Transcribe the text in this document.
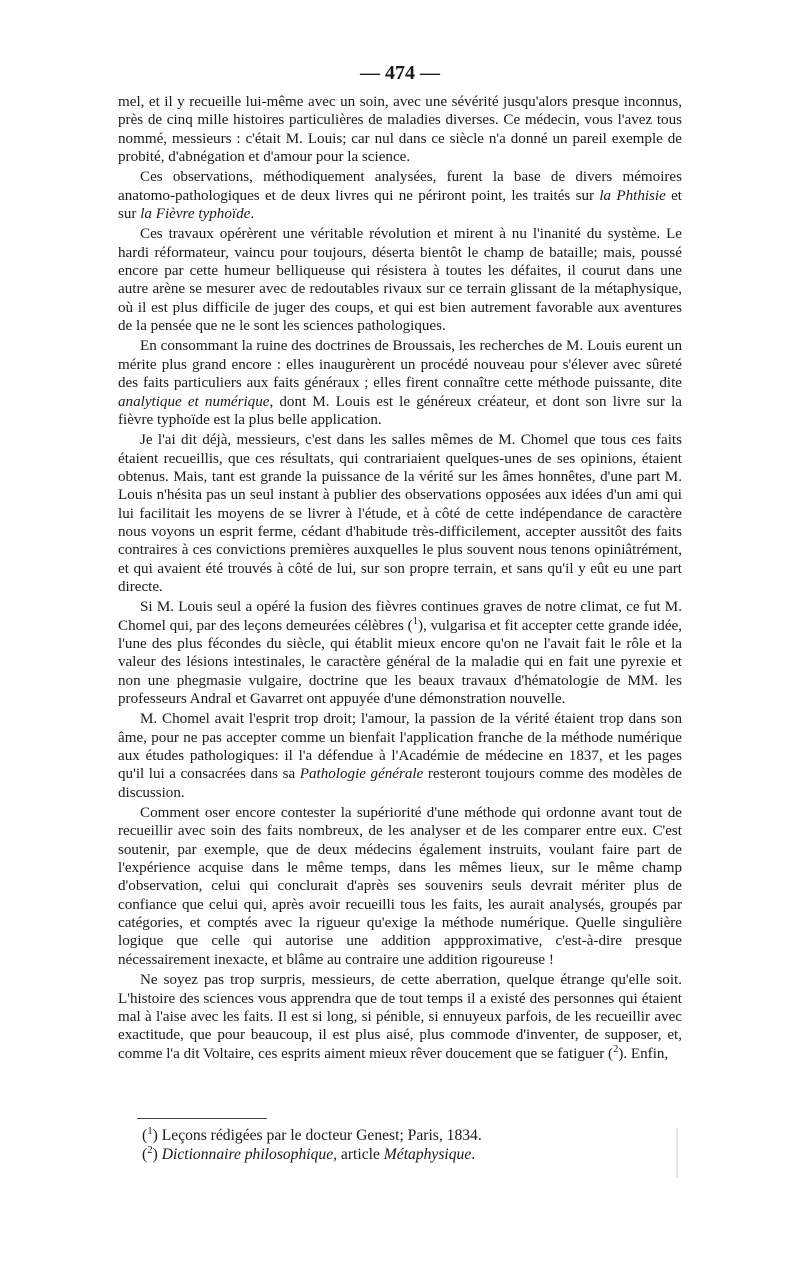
— 474 —

mel, et il y recueille lui-même avec un soin, avec une sévérité jusqu'alors presque inconnus, près de cinq mille histoires particulières de maladies diverses. Ce médecin, vous l'avez tous nommé, messieurs : c'était M. Louis; car nul dans ce siècle n'a donné un pareil exemple de probité, d'abnégation et d'amour pour la science.

Ces observations, méthodiquement analysées, furent la base de divers mémoires anatomo-pathologiques et de deux livres qui ne périront point, les traités sur la Phthisie et sur la Fièvre typhoïde.

Ces travaux opérèrent une véritable révolution et mirent à nu l'inanité du système. Le hardi réformateur, vaincu pour toujours, déserta bientôt le champ de bataille; mais, poussé encore par cette humeur belliqueuse qui résistera à toutes les défaites, il courut dans une autre arène se mesurer avec de redoutables rivaux sur ce terrain glissant de la métaphysique, où il est plus difficile de juger des coups, et qui est bien autrement favorable aux aventures de la pensée que ne le sont les sciences pathologiques.

En consommant la ruine des doctrines de Broussais, les recherches de M. Louis eurent un mérite plus grand encore : elles inaugurèrent un procédé nouveau pour s'élever avec sûreté des faits particuliers aux faits généraux ; elles firent connaître cette méthode puissante, dite analytique et numérique, dont M. Louis est le généreux créateur, et dont son livre sur la fièvre typhoïde est la plus belle application.

Je l'ai dit déjà, messieurs, c'est dans les salles mêmes de M. Chomel que tous ces faits étaient recueillis, que ces résultats, qui contrariaient quelques-unes de ses opinions, étaient obtenus. Mais, tant est grande la puissance de la vérité sur les âmes honnêtes, d'une part M. Louis n'hésita pas un seul instant à publier des observations opposées aux idées d'un ami qui lui facilitait les moyens de se livrer à l'étude, et à côté de cette indépendance de caractère nous voyons un esprit ferme, cédant d'habitude très-difficilement, accepter aussitôt des faits contraires à ces convictions premières auxquelles le plus souvent nous tenons opiniâtrément, et qui avaient été trouvés à côté de lui, sur son propre terrain, et sans qu'il y eût eu une part directe.

Si M. Louis seul a opéré la fusion des fièvres continues graves de notre climat, ce fut M. Chomel qui, par des leçons demeurées célèbres ($^1$), vulgarisa et fit accepter cette grande idée, l'une des plus fécondes du siècle, qui établit mieux encore qu'on ne l'avait fait le rôle et la valeur des lésions intestinales, le caractère général de la maladie qui en fait une pyrexie et non une phegmasie vulgaire, doctrine que les beaux travaux d'hématologie de MM. les professeurs Andral et Gavarret ont appuyée d'une démonstration nouvelle.

M. Chomel avait l'esprit trop droit; l'amour, la passion de la vérité étaient trop dans son âme, pour ne pas accepter comme un bienfait l'application franche de la méthode numérique aux études pathologiques: il l'a défendue à l'Académie de médecine en 1837, et les pages qu'il lui a consacrées dans sa Pathologie générale resteront toujours comme des modèles de discussion.

Comment oser encore contester la supériorité d'une méthode qui ordonne avant tout de recueillir avec soin des faits nombreux, de les analyser et de les comparer entre eux. C'est soutenir, par exemple, que de deux médecins également instruits, voulant faire part de l'expérience acquise dans le même temps, dans les mêmes lieux, sur le même champ d'observation, celui qui conclurait d'après ses souvenirs seuls devrait mériter plus de confiance que celui qui, après avoir recueilli tous les faits, les aurait analysés, groupés par catégories, et comptés avec la rigueur qu'exige la méthode numérique. Quelle singulière logique que celle qui autorise une addition appproximative, c'est-à-dire presque nécessairement inexacte, et blâme au contraire une addition rigoureuse !

Ne soyez pas trop surpris, messieurs, de cette aberration, quelque étrange qu'elle soit. L'histoire des sciences vous apprendra que de tout temps il a existé des personnes qui étaient mal à l'aise avec les faits. Il est si long, si pénible, si ennuyeux parfois, de les recueillir avec exactitude, que pour beaucoup, il est plus aisé, plus commode d'inventer, de supposer, et, comme l'a dit Voltaire, ces esprits aiment mieux rêver doucement que se fatiguer ($^2$). Enfin,

($^1$) Leçons rédigées par le docteur Genest; Paris, 1834.
($^2$) Dictionnaire philosophique, article Métaphysique.
